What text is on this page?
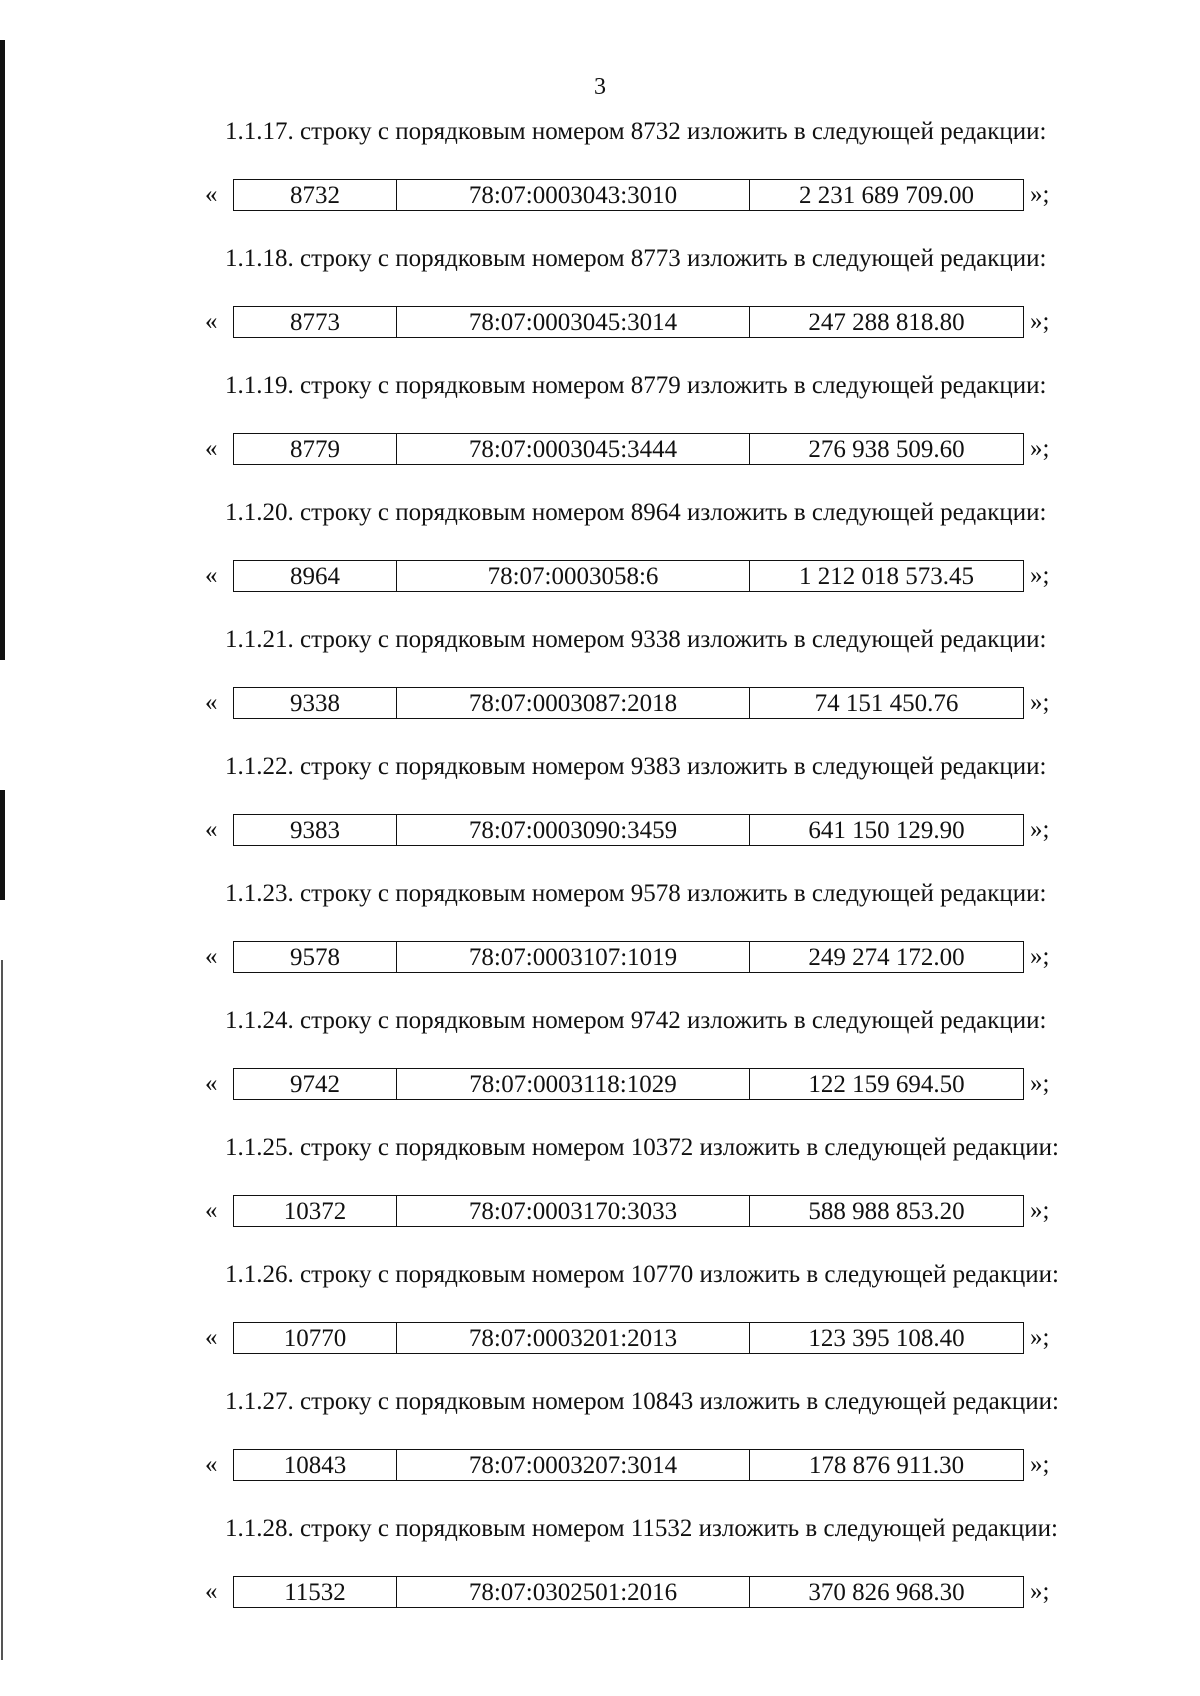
3
1.1.17. строку с порядковым номером 8732 изложить в следующей редакции:
«	8732	78:07:0003043:3010	2 231 689 709.00	»;
1.1.18. строку с порядковым номером 8773 изложить в следующей редакции:
«	8773	78:07:0003045:3014	247 288 818.80	»;
1.1.19. строку с порядковым номером 8779 изложить в следующей редакции:
«	8779	78:07:0003045:3444	276 938 509.60	»;
1.1.20. строку с порядковым номером 8964 изложить в следующей редакции:
«	8964	78:07:0003058:6	1 212 018 573.45	»;
1.1.21. строку с порядковым номером 9338 изложить в следующей редакции:
«	9338	78:07:0003087:2018	74 151 450.76	»;
1.1.22. строку с порядковым номером 9383 изложить в следующей редакции:
«	9383	78:07:0003090:3459	641 150 129.90	»;
1.1.23. строку с порядковым номером 9578 изложить в следующей редакции:
«	9578	78:07:0003107:1019	249 274 172.00	»;
1.1.24. строку с порядковым номером 9742 изложить в следующей редакции:
«	9742	78:07:0003118:1029	122 159 694.50	»;
1.1.25. строку с порядковым номером 10372 изложить в следующей редакции:
«	10372	78:07:0003170:3033	588 988 853.20	»;
1.1.26. строку с порядковым номером 10770 изложить в следующей редакции:
«	10770	78:07:0003201:2013	123 395 108.40	»;
1.1.27. строку с порядковым номером 10843 изложить в следующей редакции:
«	10843	78:07:0003207:3014	178 876 911.30	»;
1.1.28. строку с порядковым номером 11532 изложить в следующей редакции:
«	11532	78:07:0302501:2016	370 826 968.30	»;
